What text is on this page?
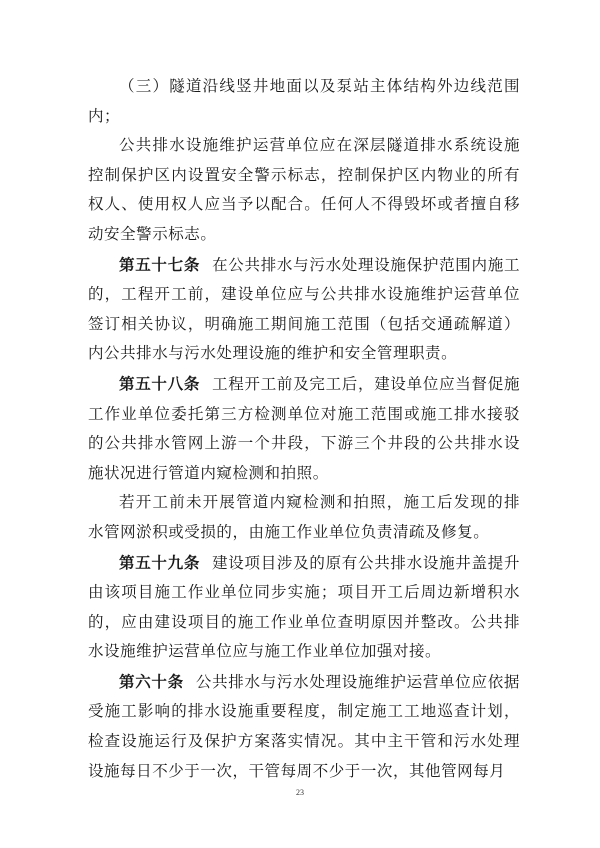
（三）隧道沿线竖井地面以及泵站主体结构外边线范围内；

公共排水设施维护运营单位应在深层隧道排水系统设施控制保护区内设置安全警示标志，控制保护区内物业的所有权人、使用权人应当予以配合。任何人不得毁坏或者擅自移动安全警示标志。

第五十七条 在公共排水与污水处理设施保护范围内施工的，工程开工前，建设单位应与公共排水设施维护运营单位签订相关协议，明确施工期间施工范围（包括交通疏解道）内公共排水与污水处理设施的维护和安全管理职责。

第五十八条 工程开工前及完工后，建设单位应当督促施工作业单位委托第三方检测单位对施工范围或施工排水接驳的公共排水管网上游一个井段，下游三个井段的公共排水设施状况进行管道内窥检测和拍照。

若开工前未开展管道内窥检测和拍照，施工后发现的排水管网淤积或受损的，由施工作业单位负责清疏及修复。

第五十九条 建设项目涉及的原有公共排水设施井盖提升由该项目施工作业单位同步实施；项目开工后周边新增积水的，应由建设项目的施工作业单位查明原因并整改。公共排水设施维护运营单位应与施工作业单位加强对接。

第六十条 公共排水与污水处理设施维护运营单位应依据受施工影响的排水设施重要程度，制定施工工地巡查计划，检查设施运行及保护方案落实情况。其中主干管和污水处理设施每日不少于一次，干管每周不少于一次，其他管网每月

23
